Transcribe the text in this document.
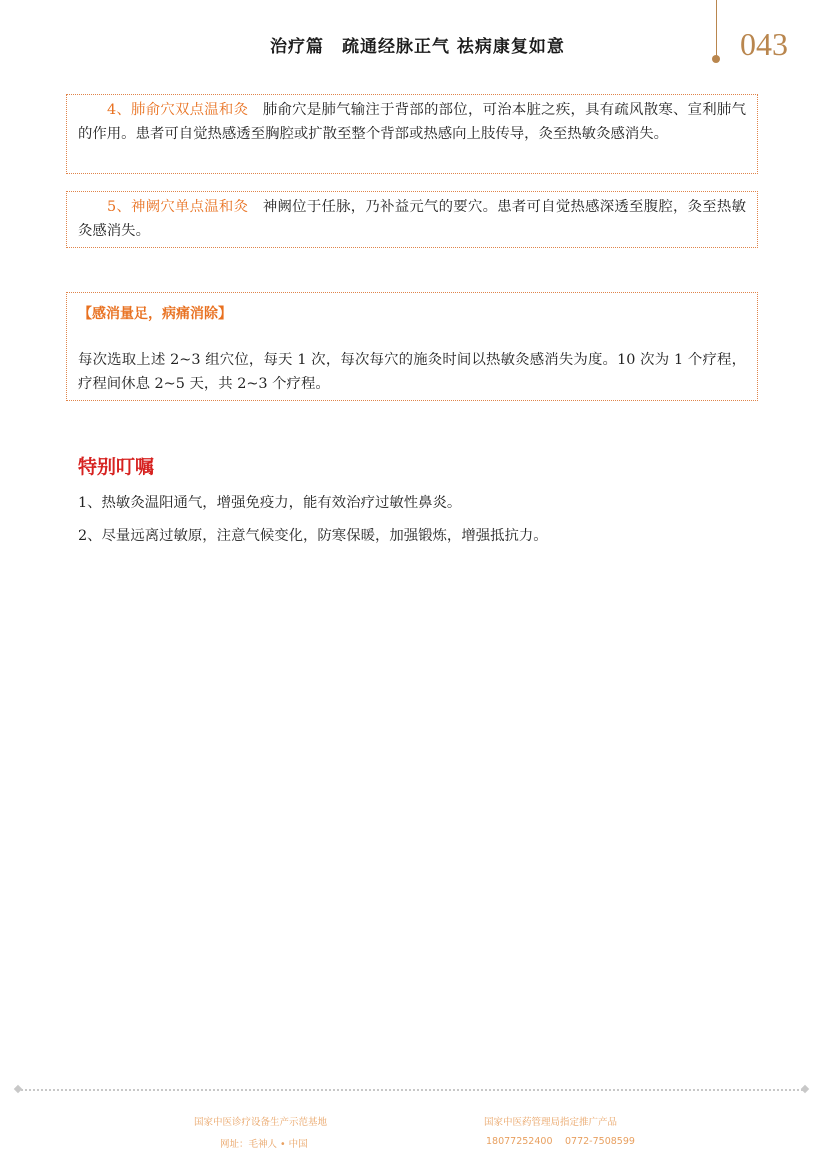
治疗篇　疏通经脉正气 祛病康复如意	043
4、肺俞穴双点温和灸　 肺俞穴是肺气输注于背部的部位，可治本脏之疾，具有疏风散寒、宣利肺气的作用。患者可自觉热感透至胸腔或扩散至整个背部或热感向上肢传导，灸至热敏灸感消失。
5、神阙穴单点温和灸　 神阙位于任脉，乃补益元气的要穴。患者可自觉热感深透至腹腔，灸至热敏灸感消失。
【感消量足，病痛消除】
每次选取上述 2~3 组穴位，每天 1 次，每次每穴的施灸时间以热敏灸感消失为度。10 次为 1 个疗程，疗程间休息 2~5 天，共 2~3 个疗程。
特别叮嘱
1、热敏灸温阳通气，增强免疫力，能有效治疗过敏性鼻炎。
2、尽量远离过敏原，注意气候变化，防寒保暖，加强锻炼，增强抵抗力。
国家中医诊疗设备生产示范基地
网址：毛神人 • 中国
国家中医药管理局指定推广产品
18077252400 0772-7508599
